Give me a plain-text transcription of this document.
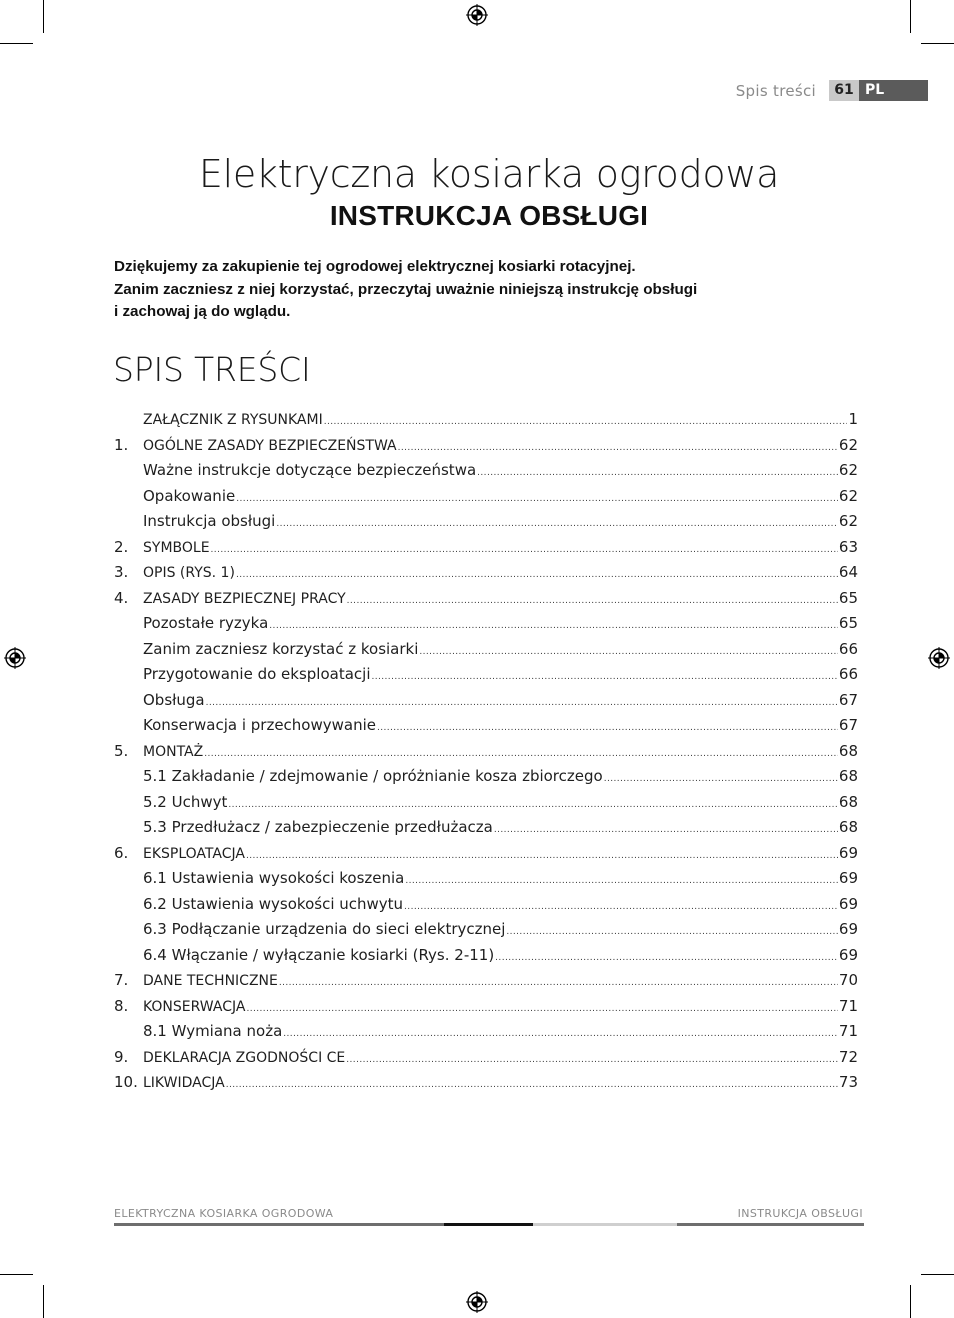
Spis treści	61 PL
Elektryczna kosiarka ogrodowa
INSTRUKCJA OBSŁUGI
Dziękujemy za zakupienie tej ogrodowej elektrycznej kosiarki rotacyjnej.
Zanim zaczniesz z niej korzystać, przeczytaj uważnie niniejszą instrukcję obsługi
i zachowaj ją do wglądu.
SPIS TREŚCI
ZAŁĄCZNIK Z RYSUNKAMI .....	1
1.	OGÓLNE ZASADY BEZPIECZEŃSTWA .....	62
Ważne instrukcje dotyczące bezpieczeństwa .....	62
Opakowanie .....	62
Instrukcja obsługi .....	62
2.	SYMBOLE .....	63
3.	OPIS (RYS. 1) .....	64
4.	ZASADY BEZPIECZNEJ PRACY .....	65
Pozostałe ryzyka .....	65
Zanim zaczniesz korzystać z kosiarki .....	66
Przygotowanie do eksploatacji .....	66
Obsługa .....	67
Konserwacja i przechowywanie .....	67
5.	MONTAŻ .....	68
5.1 Zakładanie / zdejmowanie / opróżnianie kosza zbiorczego .....	68
5.2 Uchwyt .....	68
5.3 Przedłużacz / zabezpieczenie przedłużacza .....	68
6.	EKSPLOATACJA .....	69
6.1 Ustawienia wysokości koszenia .....	69
6.2 Ustawienia wysokości uchwytu .....	69
6.3 Podłączanie urządzenia do sieci elektrycznej .....	69
6.4 Włączanie / wyłączanie kosiarki (Rys. 2-11) .....	69
7.	DANE TECHNICZNE .....	70
8.	KONSERWACJA .....	71
8.1 Wymiana noża .....	71
9.	DEKLARACJA ZGODNOŚCI CE .....	72
10. LIKWIDACJA .....	73
ELEKTRYCZNA KOSIARKA OGRODOWA	INSTRUKCJA OBSŁUGI
